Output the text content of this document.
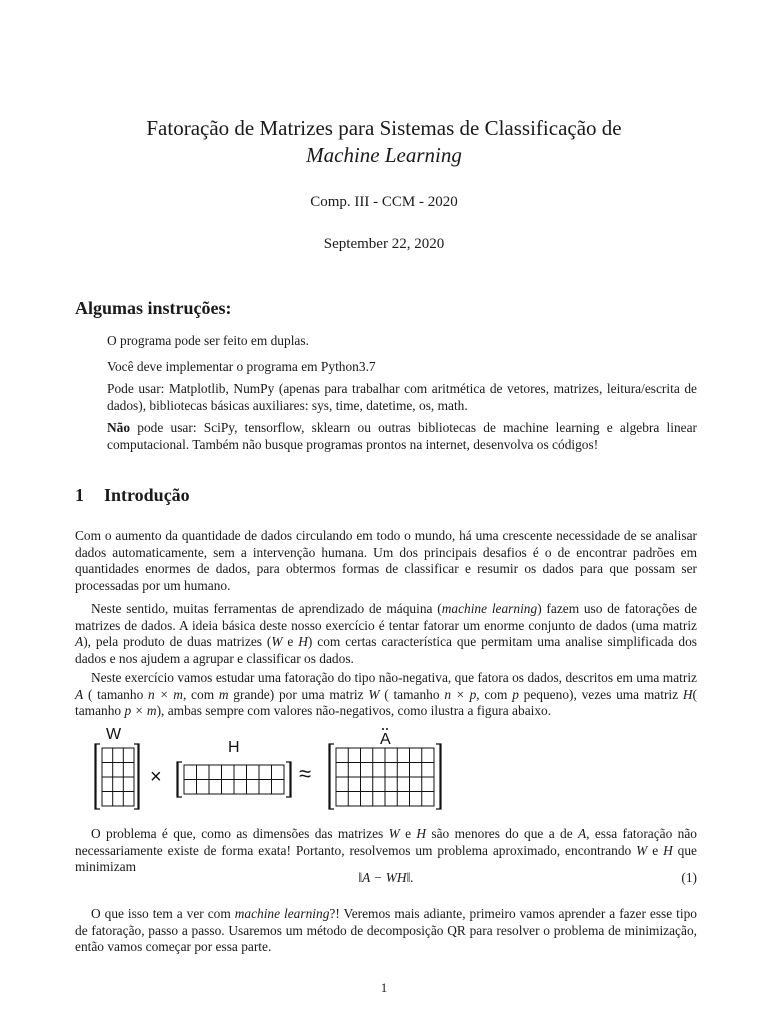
Fatoração de Matrizes para Sistemas de Classificação de
Machine Learning
Comp. III - CCM - 2020
September 22, 2020
Algumas instruções:
O programa pode ser feito em duplas.
Você deve implementar o programa em Python3.7
Pode usar: Matplotlib, NumPy (apenas para trabalhar com aritmética de vetores, matrizes, leitura/escrita de dados), bibliotecas básicas auxiliares: sys, time, datetime, os, math.
Não pode usar: SciPy, tensorflow, sklearn ou outras bibliotecas de machine learning e algebra linear computacional. Também não busque programas prontos na internet, desenvolva os códigos!
1 Introdução
Com o aumento da quantidade de dados circulando em todo o mundo, há uma crescente necessidade de se analisar dados automaticamente, sem a intervenção humana. Um dos principais desafios é o de encontrar padrões em quantidades enormes de dados, para obtermos formas de classificar e resumir os dados para que possam ser processadas por um humano.
Neste sentido, muitas ferramentas de aprendizado de máquina (machine learning) fazem uso de fatorações de matrizes de dados. A ideia básica deste nosso exercício é tentar fatorar um enorme conjunto de dados (uma matriz A), pela produto de duas matrizes (W e H) com certas característica que permitam uma analise simplificada dos dados e nos ajudem a agrupar e classificar os dados.
Neste exercício vamos estudar uma fatoração do tipo não-negativa, que fatora os dados, descritos em uma matriz A ( tamanho n × m, com m grande) por uma matriz W ( tamanho n × p, com p pequeno), vezes uma matriz H( tamanho p × m), ambas sempre com valores não-negativos, como ilustra a figura abaixo.
W
×
H
≈
A
O problema é que, como as dimensões das matrizes W e H são menores do que a de A, essa fatoração não necessariamente existe de forma exata! Portanto, resolvemos um problema aproximado, encontrando W e H que minimizam
‖A − WH‖.	(1)
O que isso tem a ver com machine learning?! Veremos mais adiante, primeiro vamos aprender a fazer esse tipo de fatoração, passo a passo. Usaremos um método de decomposição QR para resolver o problema de minimização, então vamos começar por essa parte.
1
